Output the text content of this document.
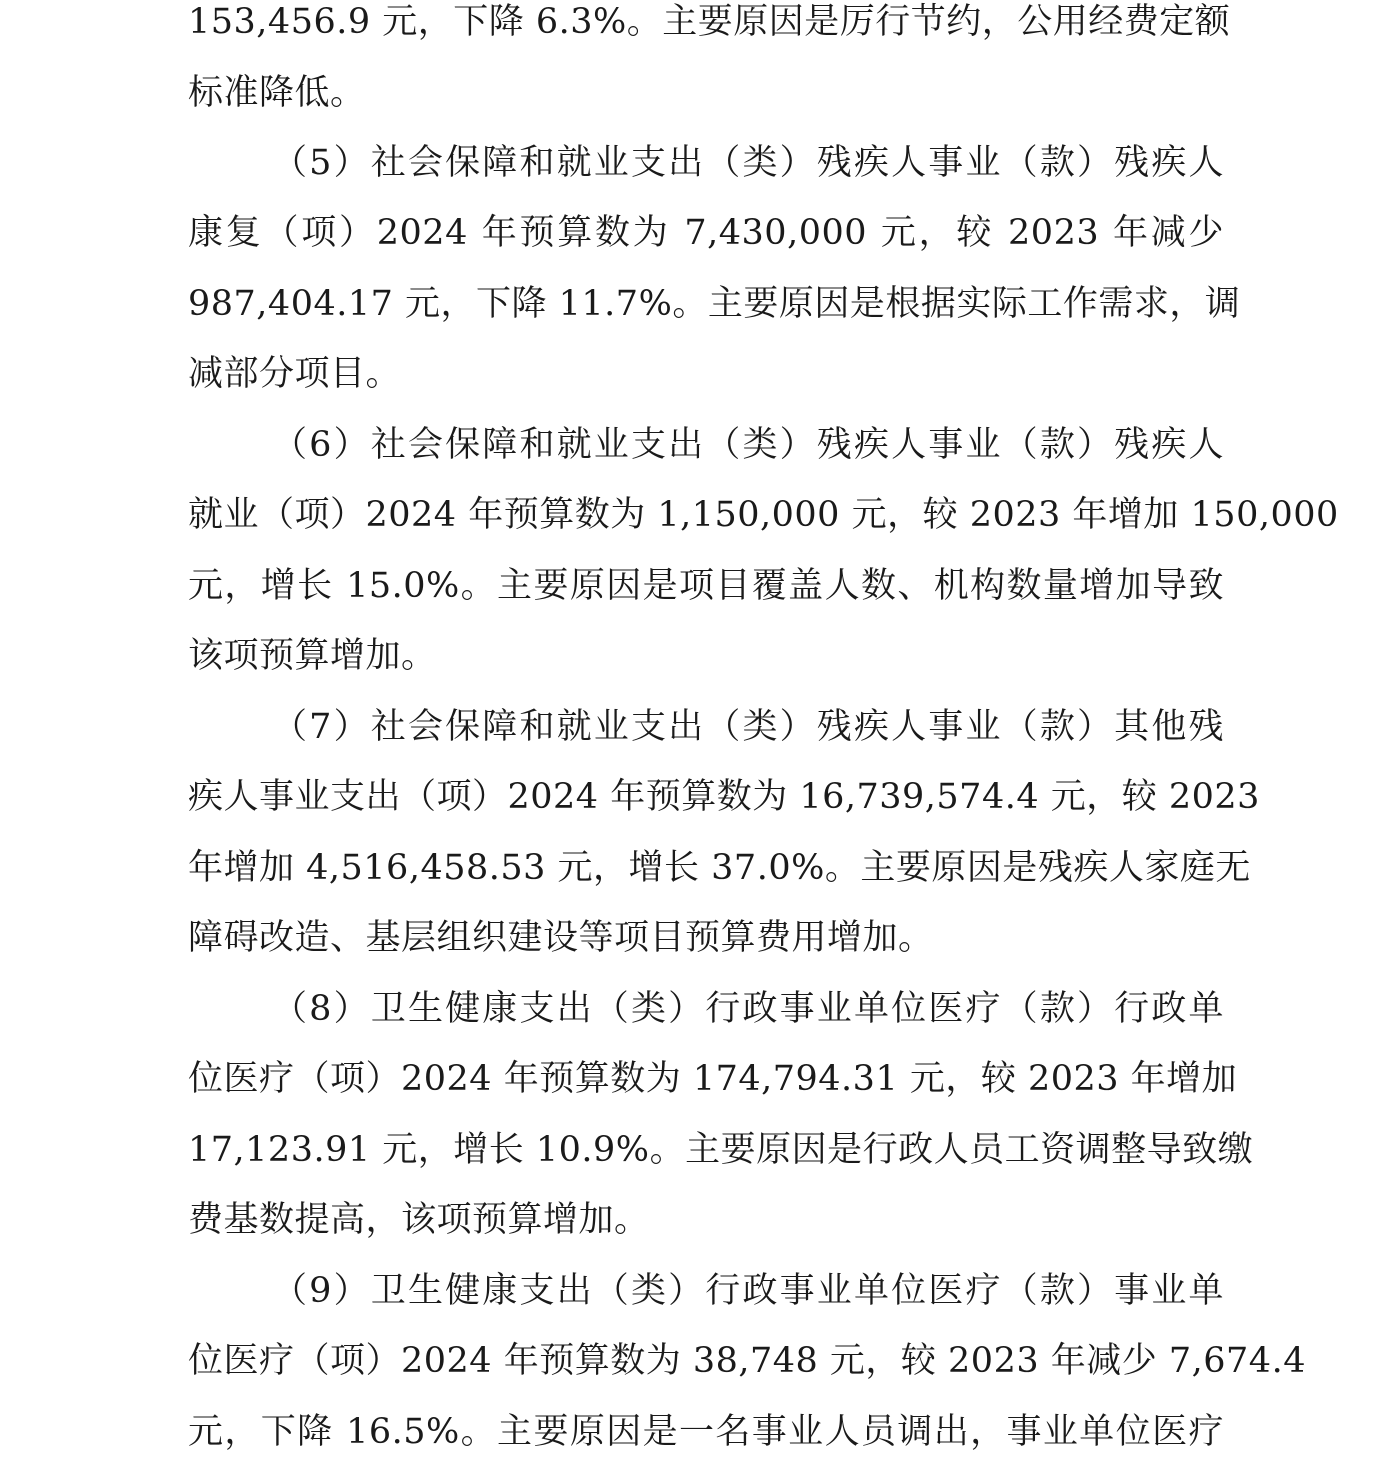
153,456.9 元，下降 6.3%。主要原因是厉行节约，公用经费定额
标准降低。
（5）社会保障和就业支出（类）残疾人事业（款）残疾人
康复（项）2024 年预算数为 7,430,000 元，较 2023 年减少
987,404.17 元，下降 11.7%。主要原因是根据实际工作需求，调
减部分项目。
（6）社会保障和就业支出（类）残疾人事业（款）残疾人
就业（项）2024 年预算数为 1,150,000 元，较 2023 年增加 150,000
元，增长 15.0%。主要原因是项目覆盖人数、机构数量增加导致
该项预算增加。
（7）社会保障和就业支出（类）残疾人事业（款）其他残
疾人事业支出（项）2024 年预算数为 16,739,574.4 元，较 2023
年增加 4,516,458.53 元，增长 37.0%。主要原因是残疾人家庭无
障碍改造、基层组织建设等项目预算费用增加。
（8）卫生健康支出（类）行政事业单位医疗（款）行政单
位医疗（项）2024 年预算数为 174,794.31 元，较 2023 年增加
17,123.91 元，增长 10.9%。主要原因是行政人员工资调整导致缴
费基数提高，该项预算增加。
（9）卫生健康支出（类）行政事业单位医疗（款）事业单
位医疗（项）2024 年预算数为 38,748 元，较 2023 年减少 7,674.4
元，下降 16.5%。主要原因是一名事业人员调出，事业单位医疗
